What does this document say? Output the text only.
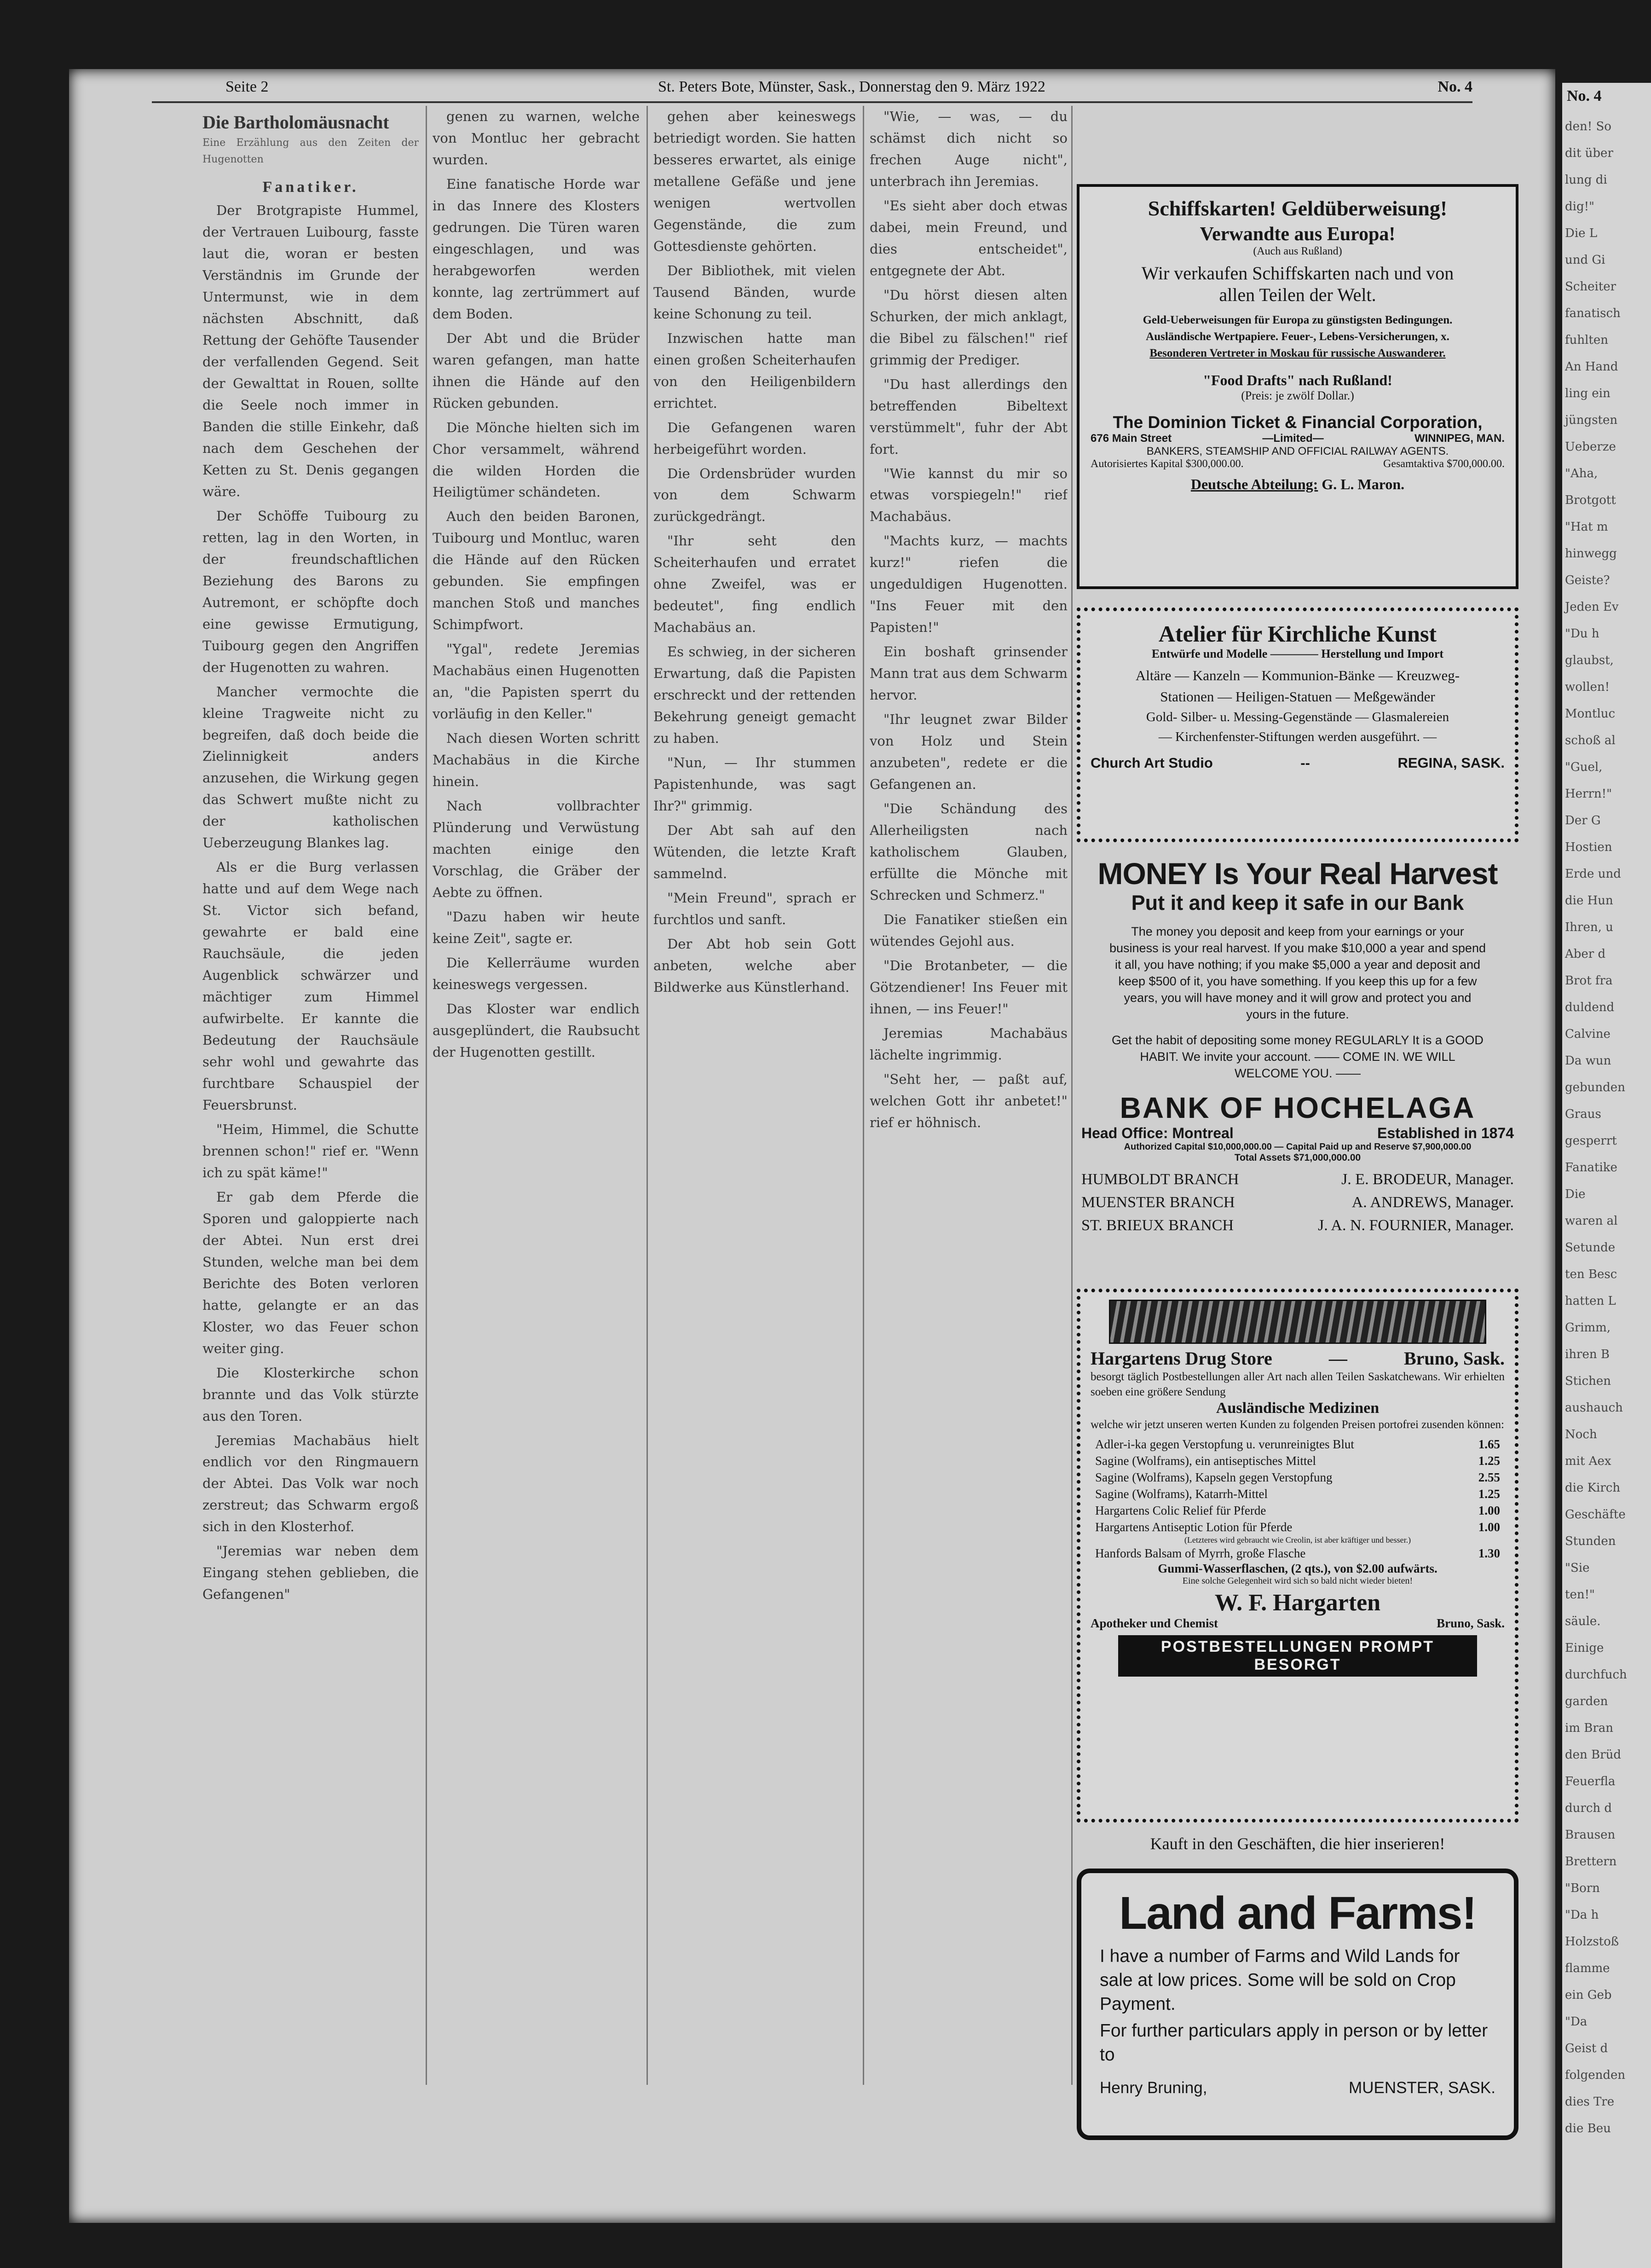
Seite 2	St. Peters Bote, Münster, Sask., Donnerstag den 9. März 1922	No. 4
Die Bartholomäusnacht
Eine Erzählung aus den Zeiten der Hugenotten
Fanatiker.

Der Brotgrapiste Hummel, der Vertrauen Luibourg, fasste laut die, woran er besten Verständnis im Grunde der Untermunst, wie in dem nächsten Abschnitt, daß Rettung der Gehöfte Tausender der verfallenden Gegend. Seit der Gewalttat in Rouen, sollte die Seele noch immer in Banden die stille Einkehr, daß nach dem Geschehen der Ketten zu St. Denis gegangen wäre.

Der Schöffe Tuibourg zu retten, lag in den Worten, in der freundschaftlichen Beziehung des Barons zu Autremont, er schöpfte doch eine gewisse Ermutigung, Tuibourg gegen den Angriffen der Hugenotten zu wahren.

Mancher vermochte die kleine Tragweite nicht zu begreifen, daß doch beide die Zielinnigkeit anders anzusehen, die Wirkung gegen das Schwert mußte nicht zu der katholischen Ueberzeugung Blankes lag.

Als er die Burg verlassen hatte und auf dem Wege nach St. Victor sich befand, gewahrte er bald eine Rauchsäule, die jeden Augenblick schwärzer und mächtiger zum Himmel aufwirbelte. Er kannte die Bedeutung der Rauchsäule sehr wohl und gewahrte das furchtbare Schauspiel der Feuersbrunst.

"Heim, Himmel, die Schutte brennen schon!" rief er. "Wenn ich zu spät käme!"

Er gab dem Pferde die Sporen und galoppierte nach der Abtei. Nun erst drei Stunden, welche man bei dem Berichte des Boten verloren hatte, gelangte er an das Kloster, wo das Feuer schon weiter ging.

Die Klosterkirche schon brannte und das Volk stürzte aus den Toren.

Jeremias Machabäus hielt endlich vor den Ringmauern der Abtei. Das Volk war noch zerstreut; das Schwarm ergoß sich in den Klosterhof.

"Jeremias war neben dem Eingang stehen geblieben, die Gefangenen"

genen zu warnen, welche von Montluc her gebracht wurden.

Eine fanatische Horde war in das Innere des Klosters gedrungen. Die Türen waren eingeschlagen, und was herabgeworfen werden konnte, lag zertrümmert auf dem Boden.

Der Abt und die Brüder waren gefangen, man hatte ihnen die Hände auf den Rücken gebunden.

Die Mönche hielten sich im Chor versammelt, während die wilden Horden die Heiligtümer schändeten.

Auch den beiden Baronen, Tuibourg und Montluc, waren die Hände auf den Rücken gebunden. Sie empfingen manchen Stoß und manches Schimpfwort.

"Ygal", redete Jeremias Machabäus einen Hugenotten an, "die Papisten sperrt du vorläufig in den Keller."

Nach diesen Worten schritt Machabäus in die Kirche hinein.

Nach vollbrachter Plünderung und Verwüstung machten einige den Vorschlag, die Gräber der Aebte zu öffnen.

"Dazu haben wir heute keine Zeit", sagte er.

Die Kellerräume wurden keineswegs vergessen.

Das Kloster war endlich ausgeplündert, die Raubsucht der Hugenotten gestillt.

gehen aber keineswegs betriedigt worden. Sie hatten besseres erwartet, als einige metallene Gefäße und jene wenigen wertvollen Gegenstände, die zum Gottesdienste gehörten.

Der Bibliothek, mit vielen Tausend Bänden, wurde keine Schonung zu teil.

Inzwischen hatte man einen großen Scheiterhaufen von den Heiligenbildern errichtet.

Die Gefangenen waren herbeigeführt worden.

Die Ordensbrüder wurden von dem Schwarm zurückgedrängt.

"Ihr seht den Scheiterhaufen und erratet ohne Zweifel, was er bedeutet", fing endlich Machabäus an.

Es schwieg, in der sicheren Erwartung, daß die Papisten erschreckt und der rettenden Bekehrung geneigt gemacht zu haben.

"Nun, — Ihr stummen Papistenhunde, was sagt Ihr?" grimmig.

Der Abt sah auf den Wütenden, die letzte Kraft sammelnd.

"Mein Freund", sprach er furchtlos und sanft.

Der Abt hob sein Gott anbeten, welche aber Bildwerke aus Künstlerhand.

"Wie, — was, — du schämst dich nicht so frechen Auge nicht", unterbrach ihn Jeremias.

"Es sieht aber doch etwas dabei, mein Freund, und dies entscheidet", entgegnete der Abt.

"Du hörst diesen alten Schurken, der mich anklagt, die Bibel zu fälschen!" rief grimmig der Prediger.

"Du hast allerdings den betreffenden Bibeltext verstümmelt", fuhr der Abt fort.

"Wie kannst du mir so etwas vorspiegeln!" rief Machabäus.

"Machts kurz, — machts kurz!" riefen die ungeduldigen Hugenotten. "Ins Feuer mit den Papisten!"

Ein boshaft grinsender Mann trat aus dem Schwarm hervor.

"Ihr leugnet zwar Bilder von Holz und Stein anzubeten", redete er die Gefangenen an.

"Die Schändung des Allerheiligsten nach katholischem Glauben, erfüllte die Mönche mit Schrecken und Schmerz."

Die Fanatiker stießen ein wütendes Gejohl aus.

"Die Brotanbeter, — die Götzendiener! Ins Feuer mit ihnen, — ins Feuer!"

Jeremias Machabäus lächelte ingrimmig.

"Seht her, — paßt auf, welchen Gott ihr anbetet!" rief er höhnisch.

Schiffskarten! Geldüberweisung!
Verwandte aus Europa!
(Auch aus Rußland)
Wir verkaufen Schiffskarten nach und von
allen Teilen der Welt.
Geld-Ueberweisungen für Europa zu günstigsten Bedingungen.
Ausländische Wertpapiere. Feuer-, Lebens-Versicherungen, x.
Besonderen Vertreter in Moskau für russische Auswanderer.
"Food Drafts" nach Rußland!
(Preis: je zwölf Dollar.)
The Dominion Ticket & Financial Corporation,
676 Main Street	—Limited—	WINNIPEG, MAN.
BANKERS, STEAMSHIP AND OFFICIAL RAILWAY AGENTS.
Autorisiertes Kapital $300,000.00.	Gesamtaktiva $700,000.00.
Deutsche Abteilung: G. L. Maron.
Atelier für Kirchliche Kunst
Entwürfe und Modelle ———— Herstellung und Import
Altäre — Kanzeln — Kommunion-Bänke — Kreuzweg-
Stationen — Heiligen-Statuen — Meßgewänder
Gold- Silber- u. Messing-Gegenstände — Glasmalereien
— Kirchenfenster-Stiftungen werden ausgeführt. —
Church Art Studio	--	REGINA, SASK.
MONEY Is Your Real Harvest
Put it and keep it safe in our Bank
The money you deposit and keep from your earnings or your business is your real harvest. If you make $10,000 a year and spend it all, you have nothing; if you make $5,000 a year and deposit and keep $500 of it, you have something. If you keep this up for a few years, you will have money and it will grow and protect you and yours in the future.
Get the habit of depositing some money REGULARLY It is a GOOD HABIT. We invite your account. —— COME IN. WE WILL WELCOME YOU. ——
BANK OF HOCHELAGA
Head Office: Montreal	Established in 1874
Authorized Capital $10,000,000.00 — Capital Paid up and Reserve $7,900,000.00
Total Assets $71,000,000.00
HUMBOLDT BRANCH	J. E. BRODEUR, Manager.
MUENSTER BRANCH	A. ANDREWS, Manager.
ST. BRIEUX BRANCH	J. A. N. FOURNIER, Manager.
Hargartens Drug Store	—	Bruno, Sask.
besorgt täglich Postbestellungen aller Art nach allen Teilen Saskatchewans. Wir erhielten soeben eine größere Sendung
Ausländische Medizinen
welche wir jetzt unseren werten Kunden zu folgenden Preisen portofrei zusenden können:
Adler-i-ka gegen Verstopfung u. verunreinigtes Blut	1.65
Sagine (Wolframs), ein antiseptisches Mittel	1.25
Sagine (Wolframs), Kapseln gegen Verstopfung	2.55
Sagine (Wolframs), Katarrh-Mittel	1.25
Hargartens Colic Relief für Pferde	1.00
Hargartens Antiseptic Lotion für Pferde	1.00
(Letzteres wird gebraucht wie Creolin, ist aber kräftiger und besser.)
Hanfords Balsam of Myrrh, große Flasche	1.30
Gummi-Wasserflaschen, (2 qts.), von $2.00 aufwärts.
Eine solche Gelegenheit wird sich so bald nicht wieder bieten!
W. F. Hargarten
Apotheker und Chemist	Bruno, Sask.
POSTBESTELLUNGEN PROMPT BESORGT
Kauft in den Geschäften, die hier inserieren!
Land and Farms!
I have a number of Farms and Wild Lands for sale at low prices. Some will be sold on Crop Payment.
For further particulars apply in person or by letter to
Henry Bruning,	MUENSTER, SASK.
No. 4
den! So
dit über
lung di
dig!"
Die L
und Gi
Scheiter
fanatisch
fuhlten
An Hand
ling ein
jüngsten
Ueberze
"Aha,
Brotgott
"Hat m
hinwegg
Geiste?
Jeden Ev
"Du h
glaubst,
wollen!
Montluc
schoß al
"Guel,
Herrn!"
Der G
Hostien
Erde und
die Hun
Ihren, u
Aber d
Brot fra
duldend
Calvine
Da wun
gebunden
Graus
gesperrt
Fanatike
Die
waren al
Setunde
ten Besc
hatten L
Grimm,
ihren B
Stichen
aushauch
Noch
mit Aex
die Kirch
Geschäfte
Stunden
"Sie
ten!"
säule.
Einige
durchfuch
garden
im Bran
den Brüd
Feuerfla
durch d
Brausen
Brettern
"Born
"Da h
Holzstoß
flamme
ein Geb
"Da
Geist d
folgenden
dies Tre
die Beu
